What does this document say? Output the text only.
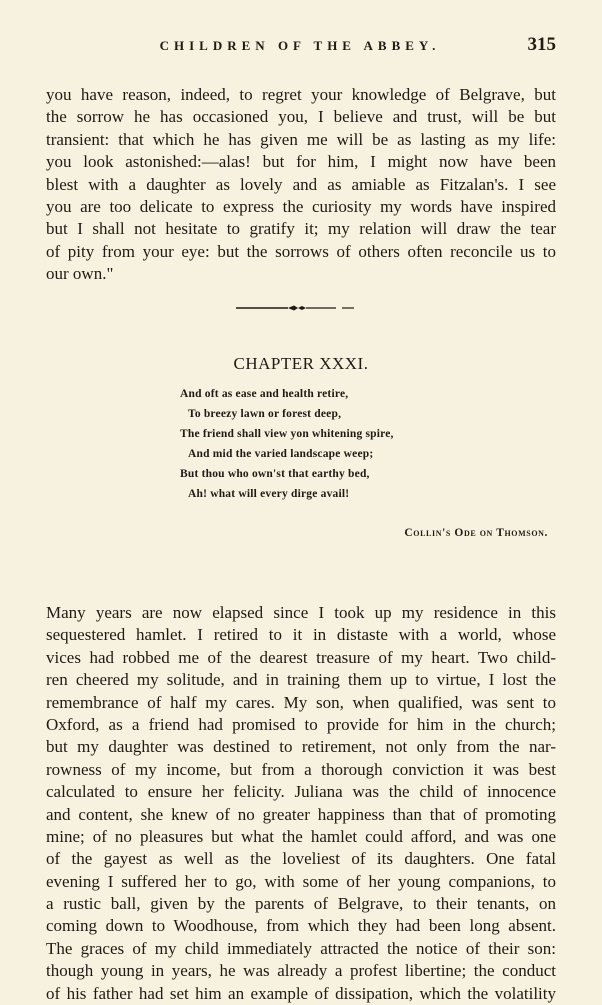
CHILDREN OF THE ABBEY.	315
you have reason, indeed, to regret your knowledge of Belgrave, but
the sorrow he has occasioned you, I believe and trust, will be but
transient: that which he has given me will be as lasting as my life:
you look astonished:—alas! but for him, I might now have been
blest with a daughter as lovely and as amiable as Fitzalan's. I see
you are too delicate to express the curiosity my words have inspired
but I shall not hesitate to gratify it; my relation will draw the tear
of pity from your eye: but the sorrows of others often reconcile us to
our own."
CHAPTER XXXI.
And oft as ease and health retire,
To breezy lawn or forest deep,
The friend shall view yon whitening spire,
And mid the varied landscape weep;
But thou who own'st that earthy bed,
Ah! what will every dirge avail!
Collin's Ode on Thomson.
Many years are now elapsed since I took up my residence in this
sequestered hamlet. I retired to it in distaste with a world, whose
vices had robbed me of the dearest treasure of my heart. Two child-
ren cheered my solitude, and in training them up to virtue, I lost the
remembrance of half my cares. My son, when qualified, was sent to
Oxford, as a friend had promised to provide for him in the church;
but my daughter was destined to retirement, not only from the nar-
rowness of my income, but from a thorough conviction it was best
calculated to ensure her felicity. Juliana was the child of innocence
and content, she knew of no greater happiness than that of promoting
mine; of no pleasures but what the hamlet could afford, and was one
of the gayest as well as the loveliest of its daughters. One fatal
evening I suffered her to go, with some of her young companions, to
a rustic ball, given by the parents of Belgrave, to their tenants, on
coming down to Woodhouse, from which they had been long absent.
The graces of my child immediately attracted the notice of their son:
though young in years, he was already a profest libertine; the conduct
of his father had set him an example of dissipation, which the volatility
